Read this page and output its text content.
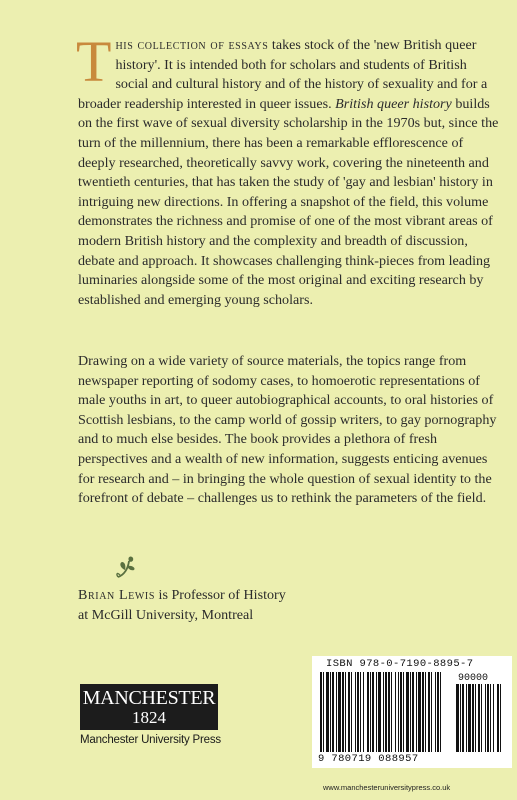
This collection of essays takes stock of the 'new British queer history'. It is intended both for scholars and students of British social and cultural history and of the history of sexuality and for a broader readership interested in queer issues. British queer history builds on the first wave of sexual diversity scholarship in the 1970s but, since the turn of the millennium, there has been a remarkable efflorescence of deeply researched, theoretically savvy work, covering the nineteenth and twentieth centuries, that has taken the study of 'gay and lesbian' history in intriguing new directions. In offering a snapshot of the field, this volume demonstrates the richness and promise of one of the most vibrant areas of modern British history and the complexity and breadth of discussion, debate and approach. It showcases challenging think-pieces from leading luminaries alongside some of the most original and exciting research by established and emerging young scholars.
Drawing on a wide variety of source materials, the topics range from newspaper reporting of sodomy cases, to homoerotic representations of male youths in art, to queer autobiographical accounts, to oral histories of Scottish lesbians, to the camp world of gossip writers, to gay pornography and to much else besides. The book provides a plethora of fresh perspectives and a wealth of new information, suggests enticing avenues for research and – in bringing the whole question of sexual identity to the forefront of debate – challenges us to rethink the parameters of the field.
Brian Lewis is Professor of History
at McGill University, Montreal
MANCHESTER
1824
Manchester University Press
ISBN 978-0-7190-8895-7
90000
9 780719 088957
www.manchesteruniversitypress.co.uk
